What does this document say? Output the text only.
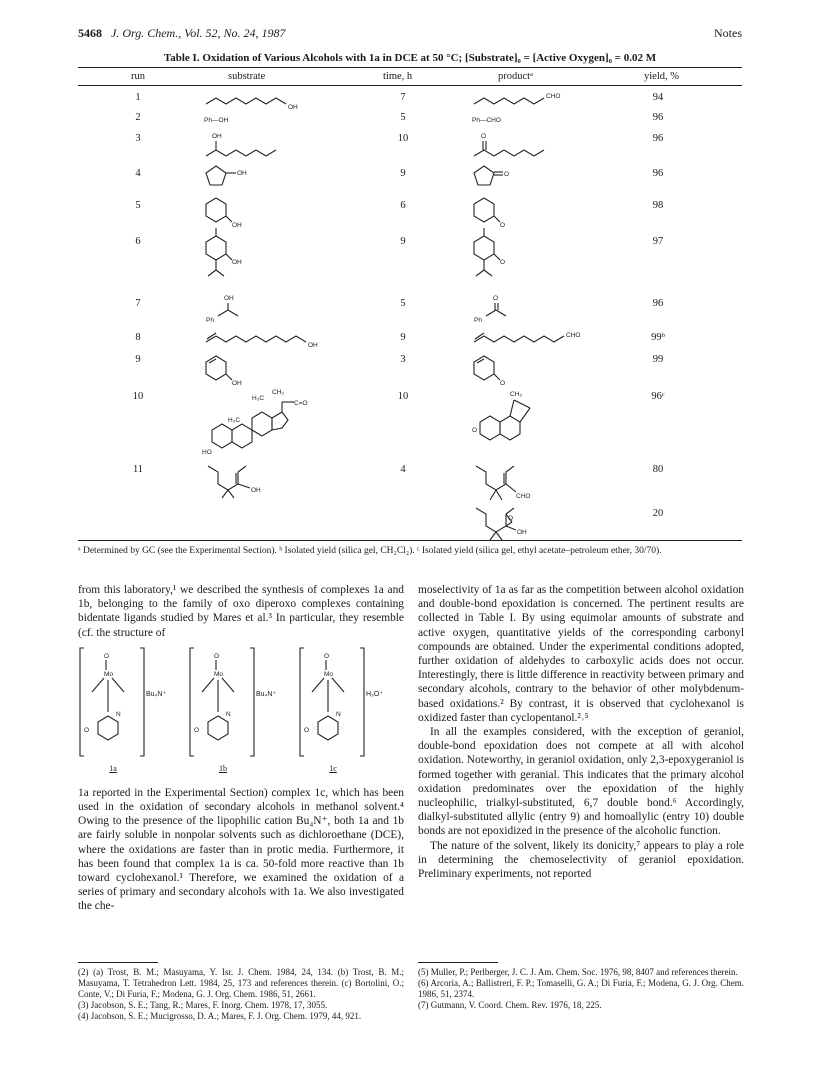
5468 J. Org. Chem., Vol. 52, No. 24, 1987	Notes
Table I. Oxidation of Various Alcohols with 1a in DCE at 50 °C; [Substrate]₀ = [Active Oxygen]₀ = 0.02 M
run	substrate	time, h	productᵃ	yield, %
1	7	94
OH
CHO
2	5	96
Ph—OH	Ph—CHO
3	10	96
OH	O
4	9	96
OH	O
5	6	98
OH	O
6	9	97
OH	O
7	5	96
OH
Ph
O
Ph
8	9	99ᵇ
OH
CHO
9	3	99
OH	O
10	10	96ᶜ
CH₃
C=O
H₃C
H₃C
HO
CH₃
O
11	4	80
OH
CHO
20
O
OH
ᵃ Determined by GC (see the Experimental Section). ᵇ Isolated yield (silica gel, CH₂Cl₂). ᶜ Isolated yield (silica gel, ethyl acetate–petroleum ether, 30/70).

from this laboratory,¹ we described the synthesis of complexes 1a and 1b, belonging to the family of oxo diperoxo complexes containing bidentate ligands studied by Mares et al.³ In particular, they resemble (cf. the structure of

O
Mo
O
N
Bu₄N⁺
1a
O
Mo
O
N
Bu₄N⁺
1b
O
Mo
O
N
H₃O⁺
1c

1a reported in the Experimental Section) complex 1c, which has been used in the oxidation of secondary alcohols in methanol solvent.⁴ Owing to the presence of the lipophilic cation Bu₄N⁺, both 1a and 1b are fairly soluble in nonpolar solvents such as dichloroethane (DCE), where the oxidations are faster than in protic media. Furthermore, it has been found that complex 1a is ca. 50-fold more reactive than 1b toward cyclohexanol.¹ Therefore, we examined the oxidation of a series of primary and secondary alcohols with 1a. We also investigated the che-

moselectivity of 1a as far as the competition between alcohol oxidation and double-bond epoxidation is concerned. The pertinent results are collected in Table I. By using equimolar amounts of substrate and active oxygen, quantitative yields of the corresponding carbonyl compounds are obtained. Under the experimental conditions adopted, further oxidation of aldehydes to carboxylic acids does not occur. Interestingly, there is little difference in reactivity between primary and secondary alcohols, contrary to the behavior of other molybdenum-based oxidations.² By contrast, it is observed that cyclohexanol is oxidized faster than cyclopentanol.²˒⁵

In all the examples considered, with the exception of geraniol, double-bond epoxidation does not compete at all with alcohol oxidation. Noteworthy, in geraniol oxidation, only 2,3-epoxygeraniol is formed together with geranial. This indicates that the primary alcohol oxidation predominates over the epoxidation of the highly nucleophilic, trialkyl-substituted, 6,7 double bond.⁶ Accordingly, dialkyl-substituted allylic (entry 9) and homoallylic (entry 10) double bonds are not epoxidized in the presence of the alcoholic function.

The nature of the solvent, likely its donicity,⁷ appears to play a role in determining the chemoselectivity of geraniol epoxidation. Preliminary experiments, not reported

(2) (a) Trost, B. M.; Masuyama, Y. Isr. J. Chem. 1984, 24, 134. (b) Trost, B. M.; Masuyama, T. Tetrahedron Lett. 1984, 25, 173 and references therein. (c) Bortolini, O.; Conte, V.; Di Furia, F.; Modena, G. J. Org. Chem. 1986, 51, 2661.
(3) Jacobson, S. E.; Tang, R.; Mares, F. Inorg. Chem. 1978, 17, 3055.
(4) Jacobson, S. E.; Mucigrosso, D. A.; Mares, F. J. Org. Chem. 1979, 44, 921.
(5) Muller, P.; Perlberger, J. C. J. Am. Chem. Soc. 1976, 98, 8407 and references therein.
(6) Arcoria, A.; Ballistreri, F. P.; Tomaselli, G. A.; Di Furia, F.; Modena, G. J. Org. Chem. 1986, 51, 2374.
(7) Gutmann, V. Coord. Chem. Rev. 1976, 18, 225.
